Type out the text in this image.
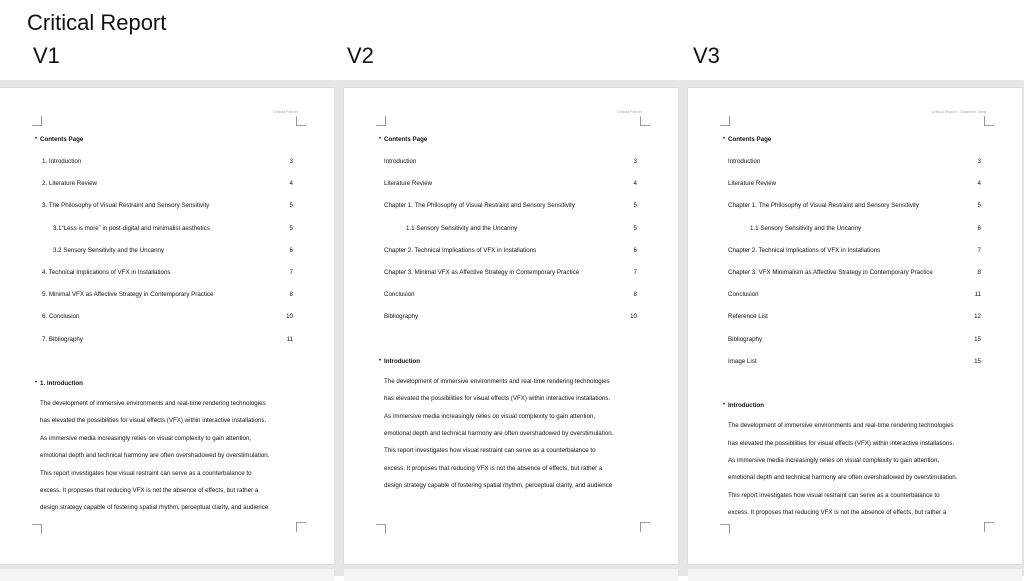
Critical Report
V1	V2	V3
Critical Report
Contents Page
•
1. Introduction	3
2. Literature Review	4
3. The Philosophy of Visual Restraint and Sensory Sensitivity	5
3.1“Less is more” in post-digital and minimalist aesthetics	5
3.2 Sensory Sensitivity and the Uncanny	6
4. Technical Implications of VFX in Installations	7
5. Minimal VFX as Affective Strategy in Contemporary Practice	8
6. Conclusion	10
7. Bibliography	11
1. Introduction
•
The development of immersive environments and real-time rendering technologies
has elevated the possibilities for visual effects (VFX) within interactive installations.
As immersive media increasingly relies on visual complexity to gain attention,
emotional depth and technical harmony are often overshadowed by overstimulation.
This report investigates how visual restraint can serve as a counterbalance to
excess. It proposes that reducing VFX is not the absence of effects, but rather a
design strategy capable of fostering spatial rhythm, perceptual clarity, and audience
Critical Report
Contents Page
•
Introduction	3
Literature Review	4
Chapter 1. The Philosophy of Visual Restraint and Sensory Sensitivity	5
1.1 Sensory Sensitivity and the Uncanny	5
Chapter 2. Technical Implications of VFX in Installations	6
Chapter 3. Minimal VFX as Affective Strategy in Contemporary Practice	7
Conclusion	8
Bibliography	10
Introduction
•
The development of immersive environments and real-time rendering technologies
has elevated the possibilities for visual effects (VFX) within interactive installations.
As immersive media increasingly relies on visual complexity to gain attention,
emotional depth and technical harmony are often overshadowed by overstimulation.
This report investigates how visual restraint can serve as a counterbalance to
excess. It proposes that reducing VFX is not the absence of effects, but rather a
design strategy capable of fostering spatial rhythm, perceptual clarity, and audience
Critical Report - Shannon Tang
Contents Page
•
Introduction	3
Literature Review	4
Chapter 1. The Philosophy of Visual Restraint and Sensory Sensitivity	5
1.1 Sensory Sensitivity and the Uncanny	6
Chapter 2. Technical Implications of VFX in Installations	7
Chapter 3. VFX Minimalism as Affective Strategy in Contemporary Practice	8
Conclusion	11
Reference List	12
Bibliography	15
Image List	15
Introduction
•
The development of immersive environments and real-time rendering technologies
has elevated the possibilities for visual effects (VFX) within interactive installations.
As immersive media increasingly relies on visual complexity to gain attention,
emotional depth and technical harmony are often overshadowed by overstimulation.
This report investigates how visual restraint can serve as a counterbalance to
excess. It proposes that reducing VFX is not the absence of effects, but rather a
